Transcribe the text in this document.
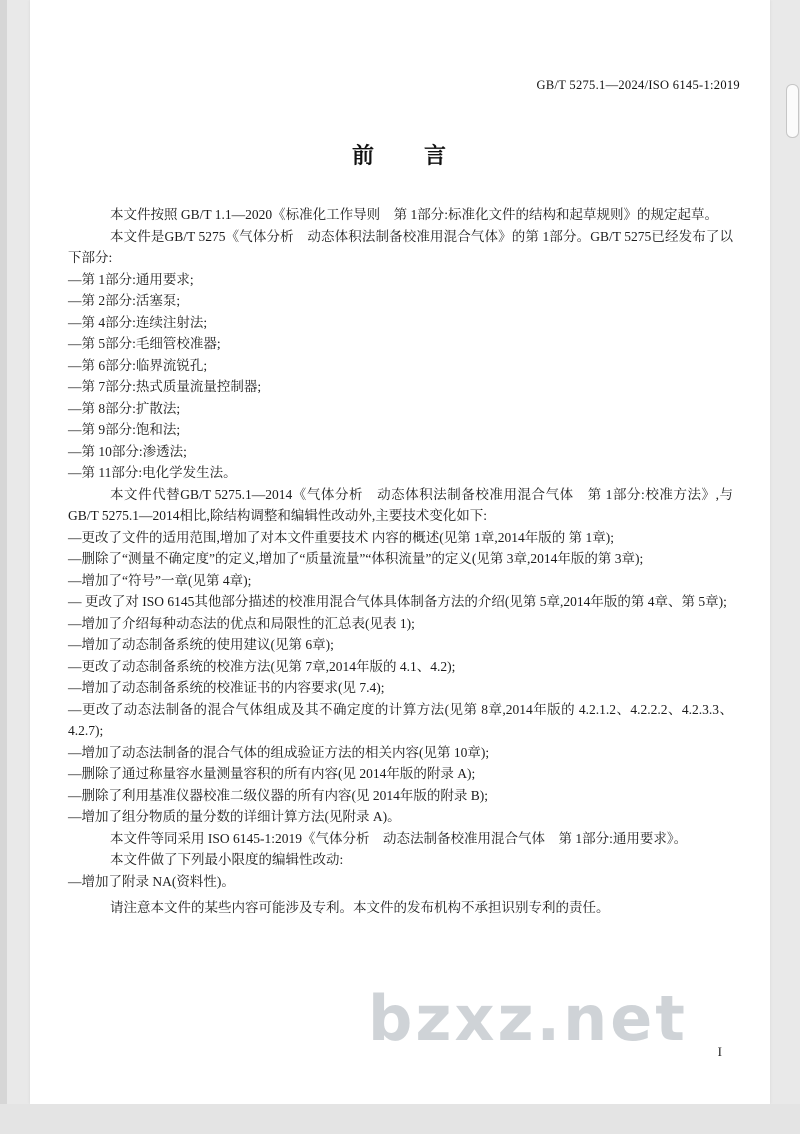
GB/T 5275.1—2024/ISO 6145-1:2019
前　　言

本文件按照 GB/T 1.1—2020《标准化工作导则　第 1部分:标准化文件的结构和起草规则》的规定起草。

本文件是GB/T 5275《气体分析　动态体积法制备校准用混合气体》的第 1部分。GB/T 5275已经发布了以下部分:

—第 1部分:通用要求;

—第 2部分:活塞泵;

—第 4部分:连续注射法;

—第 5部分:毛细管校准器;

—第 6部分:临界流锐孔;

—第 7部分:热式质量流量控制器;

—第 8部分:扩散法;

—第 9部分:饱和法;

—第 10部分:渗透法;

—第 11部分:电化学发生法。

本文件代替GB/T 5275.1—2014《气体分析　动态体积法制备校准用混合气体　第 1部分:校准方法》,与GB/T 5275.1—2014相比,除结构调整和编辑性改动外,主要技术变化如下:

—更改了文件的适用范围,增加了对本文件重要技术 内容的概述(见第 1章,2014年版的 第 1章);

—删除了“测量不确定度”的定义,增加了“质量流量”“体积流量”的定义(见第 3章,2014年版的第 3章);

—增加了“符号”一章(见第 4章);

— 更改了对 ISO 6145其他部分描述的校准用混合气体具体制备方法的介绍(见第 5章,2014年版的第 4章、第 5章);

—增加了介绍每种动态法的优点和局限性的汇总表(见表 1);

—增加了动态制备系统的使用建议(见第 6章);

—更改了动态制备系统的校准方法(见第 7章,2014年版的 4.1、4.2);

—增加了动态制备系统的校准证书的内容要求(见 7.4);

—更改了动态法制备的混合气体组成及其不确定度的计算方法(见第 8章,2014年版的 4.2.1.2、4.2.2.2、4.2.3.3、4.2.7);

—增加了动态法制备的混合气体的组成验证方法的相关内容(见第 10章);

—删除了通过称量容水量测量容积的所有内容(见 2014年版的附录 A);

—删除了利用基准仪器校准二级仪器的所有内容(见 2014年版的附录 B);

—增加了组分物质的量分数的详细计算方法(见附录 A)。

本文件等同采用 ISO 6145-1:2019《气体分析　动态法制备校准用混合气体　第 1部分:通用要求》。

本文件做了下列最小限度的编辑性改动:

—增加了附录 NA(资料性)。

请注意本文件的某些内容可能涉及专利。本文件的发布机构不承担识别专利的责任。

I
bzxz.net
